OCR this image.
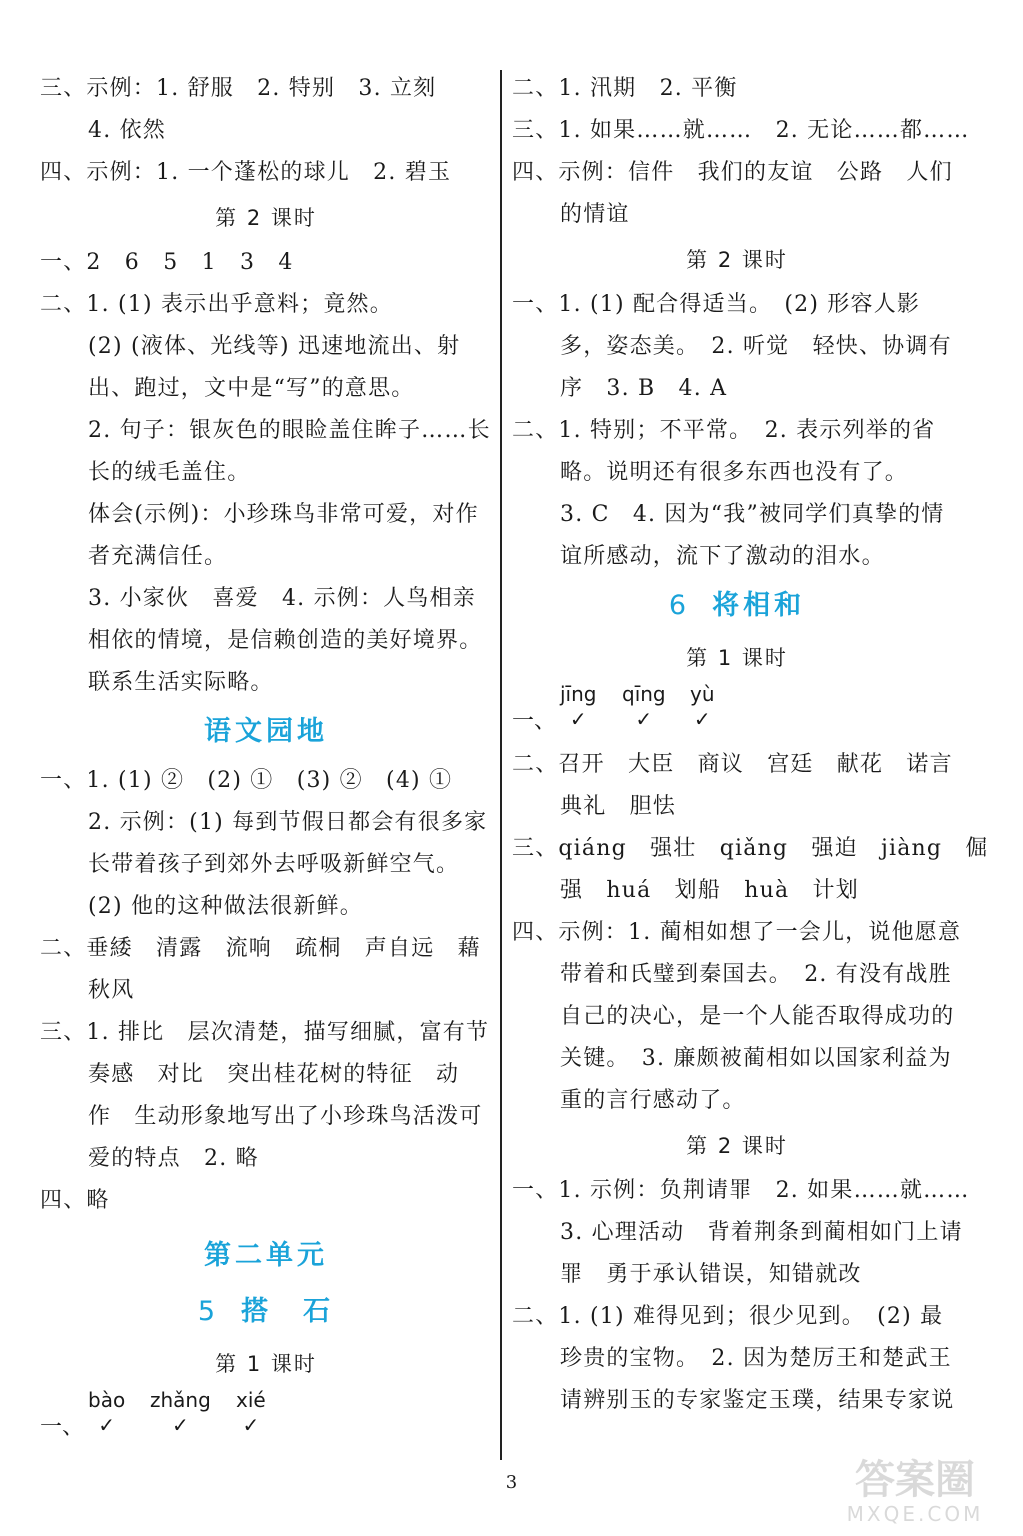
三、示例：1. 舒服　2. 特别　3. 立刻
4. 依然
四、示例：1. 一个蓬松的球儿　2. 碧玉
第 2 课时
一、2　6　5　1　3　4
二、1. (1) 表示出乎意料；竟然。
(2) (液体、光线等) 迅速地流出、射
出、跑过，文中是“写”的意思。
2. 句子：银灰色的眼睑盖住眸子……长
长的绒毛盖住。
体会(示例)：小珍珠鸟非常可爱，对作
者充满信任。
3. 小家伙　喜爱　4. 示例：人鸟相亲
相依的情境，是信赖创造的美好境界。
联系生活实际略。
语文园地
一、1. (1) ②　(2) ①　(3) ②　(4) ①
2. 示例：(1) 每到节假日都会有很多家
长带着孩子到郊外去呼吸新鲜空气。
(2) 他的这种做法很新鲜。
二、垂緌　清露　流响　疏桐　声自远　藉
秋风
三、1. 排比　层次清楚，描写细腻，富有节
奏感　对比　突出桂花树的特征　动
作　生动形象地写出了小珍珠鸟活泼可
爱的特点　2. 略
四、略
第二单元
5 搭　石
第 1 课时
一、
bào
✓
zhǎng
✓
xié
✓
二、1. 汛期　2. 平衡
三、1. 如果……就……　2. 无论……都……
四、示例：信件　我们的友谊　公路　人们
的情谊
第 2 课时
一、1. (1) 配合得适当。　(2) 形容人影
多，姿态美。　2. 听觉　轻快、协调有
序　3. B　4. A
二、1. 特别；不平常。　2. 表示列举的省
略。说明还有很多东西也没有了。
3. C　4. 因为“我”被同学们真挚的情
谊所感动，流下了激动的泪水。
6 将相和
第 1 课时
一、
jīng
✓
qīng
✓
yù
✓
二、召开　大臣　商议　宫廷　献花　诺言
典礼　胆怯
三、qiáng　强壮　qiǎng　强迫　jiàng　倔
强　huá　划船　huà　计划
四、示例：1. 蔺相如想了一会儿，说他愿意
带着和氏璧到秦国去。　2. 有没有战胜
自己的决心，是一个人能否取得成功的
关键。　3. 廉颇被蔺相如以国家利益为
重的言行感动了。
第 2 课时
一、1. 示例：负荆请罪　2. 如果……就……
3. 心理活动　背着荆条到蔺相如门上请
罪　勇于承认错误，知错就改
二、1. (1) 难得见到；很少见到。　(2) 最
珍贵的宝物。　2. 因为楚厉王和楚武王
请辨别玉的专家鉴定玉璞，结果专家说
3	答案圈
MXQE.COM
